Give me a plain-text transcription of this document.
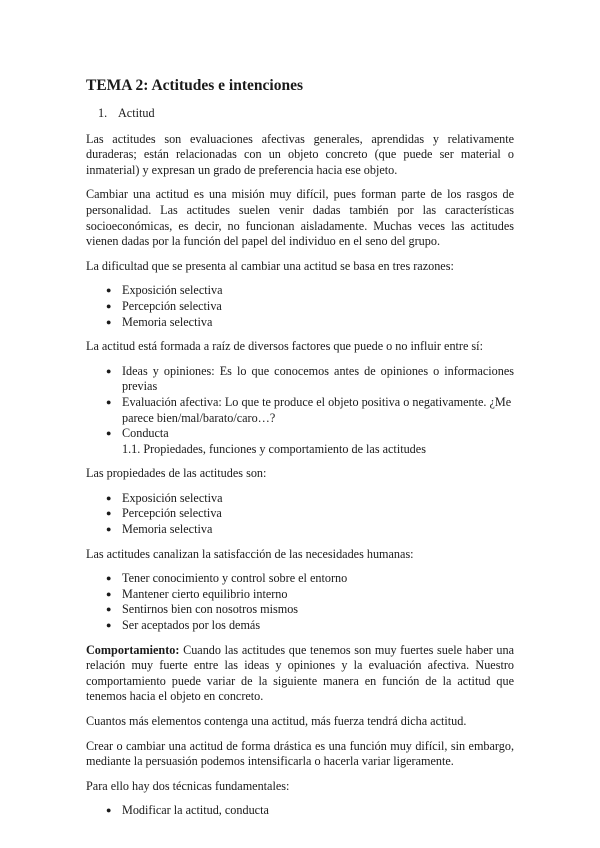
TEMA 2: Actitudes e intenciones
1. Actitud

Las actitudes son evaluaciones afectivas generales, aprendidas y relativamente duraderas; están relacionadas con un objeto concreto (que puede ser material o inmaterial) y expresan un grado de preferencia hacia ese objeto.

Cambiar una actitud es una misión muy difícil, pues forman parte de los rasgos de personalidad. Las actitudes suelen venir dadas también por las características socioeconómicas, es decir, no funcionan aisladamente. Muchas veces las actitudes vienen dadas por la función del papel del individuo en el seno del grupo.

La dificultad que se presenta al cambiar una actitud se basa en tres razones:

● Exposición selectiva
● Percepción selectiva
● Memoria selectiva

La actitud está formada a raíz de diversos factores que puede o no influir entre sí:

● Ideas y opiniones: Es lo que conocemos antes de opiniones o informaciones previas
● Evaluación afectiva: Lo que te produce el objeto positiva o negativamente. ¿Me parece bien/mal/barato/caro…?
● Conducta
1.1. Propiedades, funciones y comportamiento de las actitudes

Las propiedades de las actitudes son:

● Exposición selectiva
● Percepción selectiva
● Memoria selectiva

Las actitudes canalizan la satisfacción de las necesidades humanas:

● Tener conocimiento y control sobre el entorno
● Mantener cierto equilibrio interno
● Sentirnos bien con nosotros mismos
● Ser aceptados por los demás

Comportamiento: Cuando las actitudes que tenemos son muy fuertes suele haber una relación muy fuerte entre las ideas y opiniones y la evaluación afectiva. Nuestro comportamiento puede variar de la siguiente manera en función de la actitud que tenemos hacia el objeto en concreto.

Cuantos más elementos contenga una actitud, más fuerza tendrá dicha actitud.

Crear o cambiar una actitud de forma drástica es una función muy difícil, sin embargo, mediante la persuasión podemos intensificarla o hacerla variar ligeramente.

Para ello hay dos técnicas fundamentales:

● Modificar la actitud, conducta
